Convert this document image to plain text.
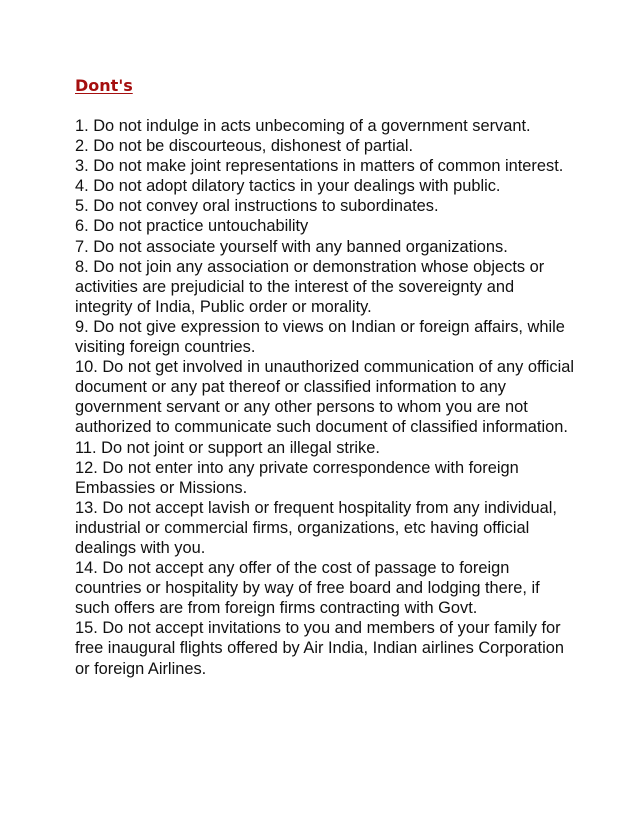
Dont's
1. Do not indulge in acts unbecoming of a government servant.
2. Do not be discourteous, dishonest of partial.
3. Do not make joint representations in matters of common interest.
4. Do not adopt dilatory tactics in your dealings with public.
5. Do not convey oral instructions to subordinates.
6. Do not practice untouchability
7. Do not associate yourself with any banned organizations.
8. Do not join any association or demonstration whose objects or activities are prejudicial to the interest of the sovereignty and integrity of India, Public order or morality.
9. Do not give expression to views on Indian or foreign affairs, while visiting foreign countries.
10. Do not get involved in unauthorized communication of any official document or any pat thereof or classified information to any government servant or any other persons to whom you are not authorized to communicate such document of classified information.
11. Do not joint or support an illegal strike.
12. Do not enter into any private correspondence with foreign Embassies or Missions.
13. Do not accept lavish or frequent hospitality from any individual, industrial or commercial firms, organizations, etc having official dealings with you.
14. Do not accept any offer of the cost of passage to foreign countries or hospitality by way of free board and lodging there, if such offers are from foreign firms contracting with Govt.
15. Do not accept invitations to you and members of your family for free inaugural flights offered by Air India, Indian airlines Corporation or foreign Airlines.
